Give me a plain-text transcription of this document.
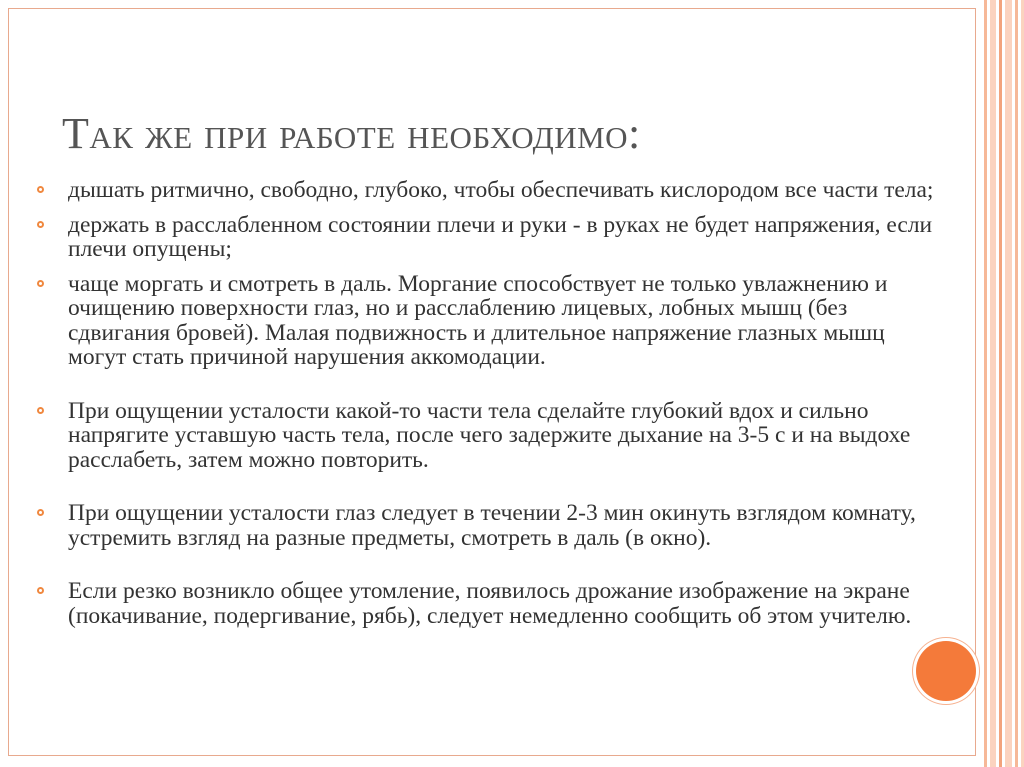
Так же при работе необходимо:
дышать ритмично, свободно, глубоко, чтобы обеспечивать кислородом все части тела;
держать в расслабленном состоянии плечи и руки - в руках не будет напряжения, если плечи опущены;
чаще моргать и смотреть в даль. Моргание способствует не только увлажнению и очищению поверхности глаз, но и расслаблению лицевых, лобных мышц (без сдвигания бровей). Малая подвижность и длительное напряжение глазных мышц могут стать причиной нарушения аккомодации.
При ощущении усталости какой-то части тела сделайте глубокий вдох и сильно напрягите уставшую часть тела, после чего задержите дыхание на 3-5 с и на выдохе расслабеть, затем можно повторить.
При ощущении усталости глаз следует в течении 2-3 мин окинуть взглядом комнату, устремить взгляд на разные предметы, смотреть в даль (в окно).
Если резко возникло общее утомление, появилось дрожание изображение на экране (покачивание, подергивание, рябь), следует немедленно сообщить об этом учителю.
